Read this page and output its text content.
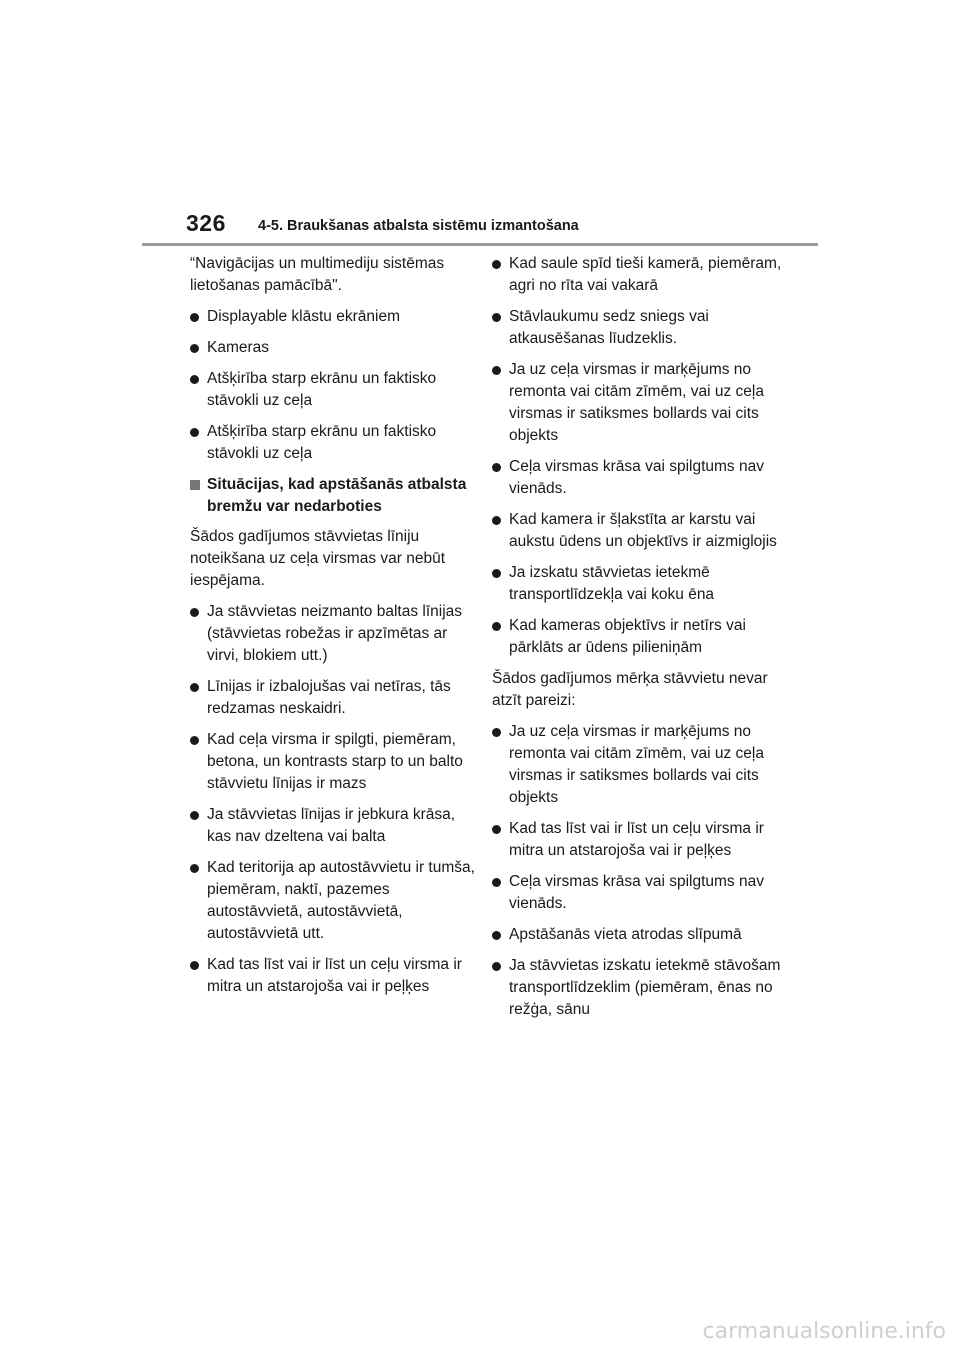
326 4-5. Braukšanas atbalsta sistēmu izmantošana

“Navigācijas un multimediju sistēmas lietošanas pamācībā".

Displayable klāstu ekrāniem
Kameras
Atšķirība starp ekrānu un faktisko stāvokli uz ceļa
Atšķirība starp ekrānu un faktisko stāvokli uz ceļa
Situācijas, kad apstāšanās atbalsta bremžu var nedarboties

Šādos gadījumos stāvvietas līniju noteikšana uz ceļa virsmas var nebūt iespējama.

Ja stāvvietas neizmanto baltas līnijas (stāvvietas robežas ir apzīmētas ar virvi, blokiem utt.)
Līnijas ir izbalojušas vai netīras, tās redzamas neskaidri.
Kad ceļa virsma ir spilgti, piemēram, betona, un kontrasts starp to un balto stāvvietu līnijas ir mazs
Ja stāvvietas līnijas ir jebkura krāsa, kas nav dzeltena vai balta
Kad teritorija ap autostāvvietu ir tumša, piemēram, naktī, pazemes autostāvvietā, autostāvvietā, autostāvvietā utt.
Kad tas līst vai ir līst un ceļu virsma ir mitra un atstarojoša vai ir peļķes
Kad saule spīd tieši kamerā, piemēram, agri no rīta vai vakarā
Stāvlaukumu sedz sniegs vai atkausēšanas līudzeklis.
Ja uz ceļa virsmas ir marķējums no remonta vai citām zīmēm, vai uz ceļa virsmas ir satiksmes bollards vai cits objekts
Ceļa virsmas krāsa vai spilgtums nav vienāds.
Kad kamera ir šļakstīta ar karstu vai aukstu ūdens un objektīvs ir aizmiglojis
Ja izskatu stāvvietas ietekmē transportlīdzekļa vai koku ēna
Kad kameras objektīvs ir netīrs vai pārklāts ar ūdens pilieniņām

Šādos gadījumos mērķa stāvvietu nevar atzīt pareizi:

Ja uz ceļa virsmas ir marķējums no remonta vai citām zīmēm, vai uz ceļa virsmas ir satiksmes bollards vai cits objekts
Kad tas līst vai ir līst un ceļu virsma ir mitra un atstarojoša vai ir peļķes
Ceļa virsmas krāsa vai spilgtums nav vienāds.
Apstāšanās vieta atrodas slīpumā
Ja stāvvietas izskatu ietekmē stāvošam transportlīdzeklim (piemēram, ēnas no režģa, sānu
carmanualsonline.info
